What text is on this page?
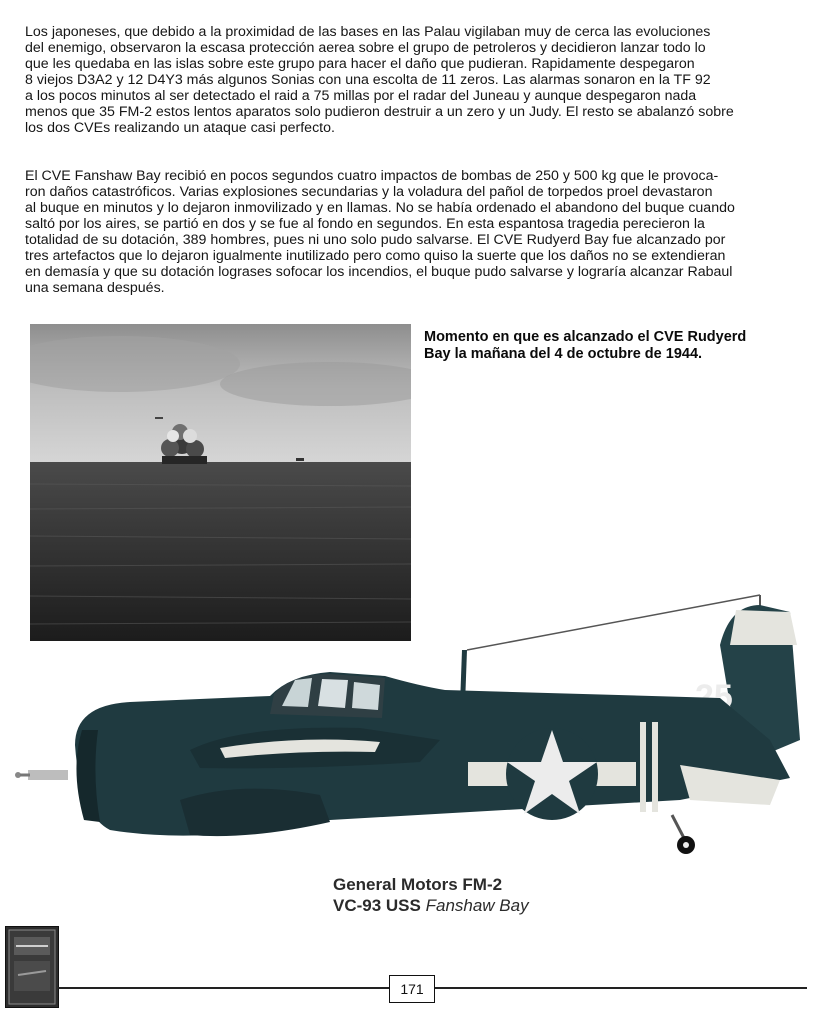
Los japoneses, que debido a la proximidad de las bases en las Palau vigilaban muy de cerca las evoluciones
del enemigo, observaron la escasa protección aerea sobre el grupo de petroleros y decidieron lanzar todo lo
que les quedaba en las islas sobre este grupo para hacer el daño que pudieran. Rapidamente despegaron
8 viejos D3A2 y 12 D4Y3 más algunos Sonias con una escolta de 11 zeros. Las alarmas sonaron en la TF 92
a los pocos minutos al ser detectado el raid a 75 millas por el radar del Juneau y aunque despegaron nada
menos que 35 FM-2 estos lentos aparatos solo pudieron destruir a un zero y un Judy. El resto se abalanzó sobre
los dos CVEs realizando un ataque casi perfecto.

El CVE Fanshaw Bay recibió en pocos segundos cuatro impactos de bombas de 250 y 500 kg que le provoca-
ron daños catastróficos. Varias explosiones secundarias y la voladura del pañol de torpedos proel devastaron
al buque en minutos y lo dejaron inmovilizado y en llamas. No se había ordenado el abandono del buque cuando
saltó por los aires, se partió en dos y se fue al fondo en segundos. En esta espantosa tragedia perecieron la
totalidad de su dotación, 389 hombres, pues ni uno solo pudo salvarse. El CVE Rudyerd Bay fue alcanzado por
tres artefactos que lo dejaron igualmente inutilizado pero como quiso la suerte que los daños no se extendieran
en demasía y que su dotación lograses sofocar los incendios, el buque pudo salvarse y lograría alcanzar Rabaul
una semana después.

Momento en que es alcanzado el CVE Rudyerd
Bay la mañana del 4 de octubre de 1944.
25
General Motors FM-2
VC-93 USS Fanshaw Bay
171
